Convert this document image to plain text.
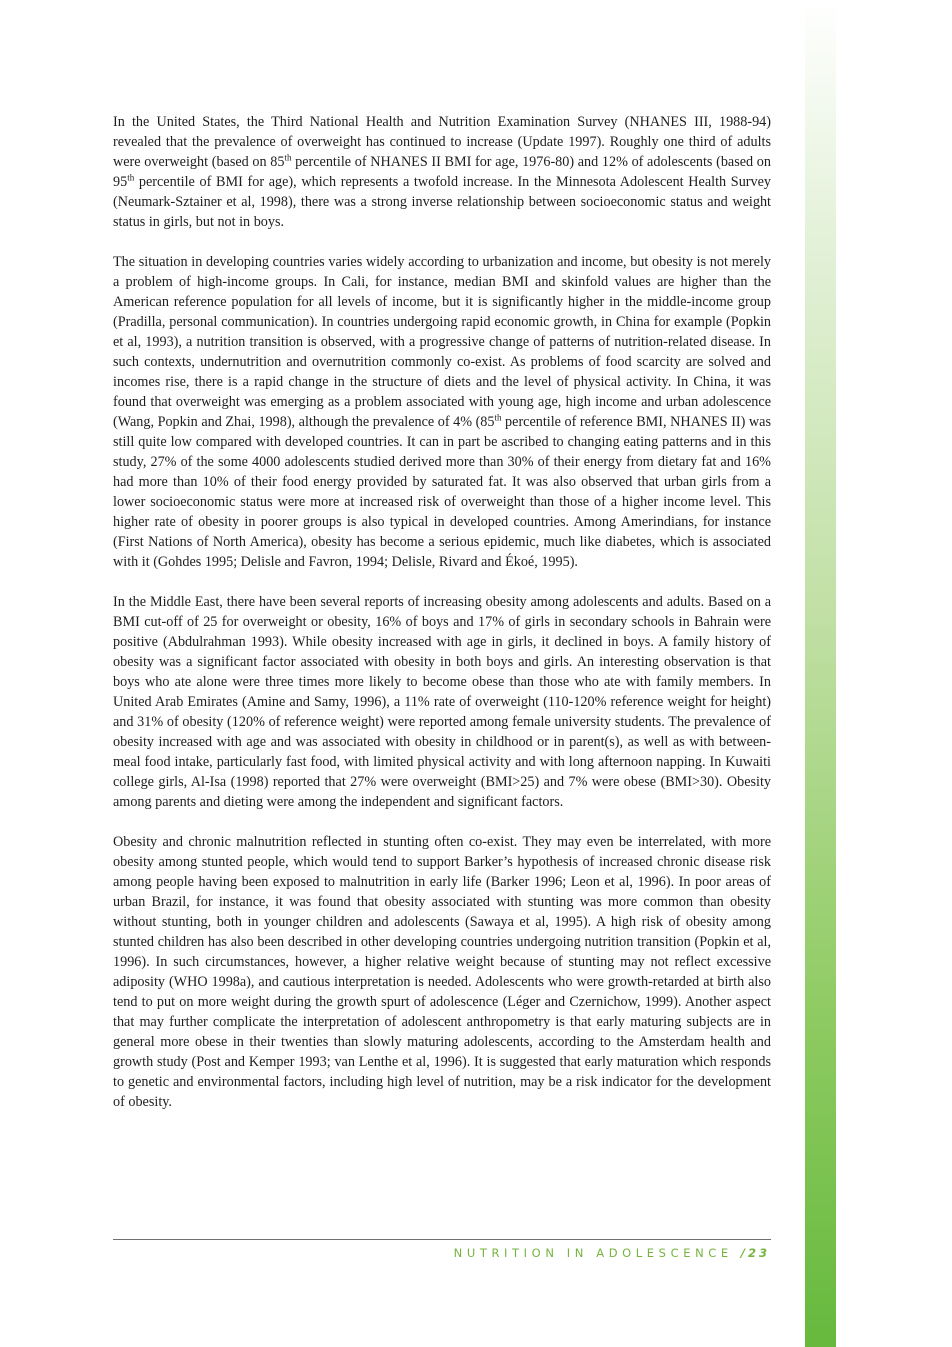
In the United States, the Third National Health and Nutrition Examination Survey (NHANES III, 1988-94) revealed that the prevalence of overweight has continued to increase (Update 1997). Roughly one third of adults were overweight (based on 85th percentile of NHANES II BMI for age, 1976-80) and 12% of adolescents (based on 95th percentile of BMI for age), which represents a twofold increase. In the Minnesota Adolescent Health Survey (Neumark-Sztainer et al, 1998), there was a strong inverse relationship between socioeconomic status and weight status in girls, but not in boys.

The situation in developing countries varies widely according to urbanization and income, but obesity is not merely a problem of high-income groups. In Cali, for instance, median BMI and skinfold values are higher than the American reference population for all levels of income, but it is significantly higher in the middle-income group (Pradilla, personal communication). In countries undergoing rapid economic growth, in China for example (Popkin et al, 1993), a nutrition transition is observed, with a progressive change of patterns of nutrition-related disease. In such contexts, undernutrition and overnutrition commonly co-exist. As problems of food scarcity are solved and incomes rise, there is a rapid change in the structure of diets and the level of physical activity. In China, it was found that overweight was emerging as a problem associated with young age, high income and urban adolescence (Wang, Popkin and Zhai, 1998), although the prevalence of 4% (85th percentile of reference BMI, NHANES II) was still quite low compared with developed countries. It can in part be ascribed to changing eating patterns and in this study, 27% of the some 4000 adolescents studied derived more than 30% of their energy from dietary fat and 16% had more than 10% of their food energy provided by saturated fat. It was also observed that urban girls from a lower socioeconomic status were more at increased risk of overweight than those of a higher income level. This higher rate of obesity in poorer groups is also typical in developed countries. Among Amerindians, for instance (First Nations of North America), obesity has become a serious epidemic, much like diabetes, which is associated with it (Gohdes 1995; Delisle and Favron, 1994; Delisle, Rivard and Ékoé, 1995).

In the Middle East, there have been several reports of increasing obesity among adolescents and adults. Based on a BMI cut-off of 25 for overweight or obesity, 16% of boys and 17% of girls in secondary schools in Bahrain were positive (Abdulrahman 1993). While obesity increased with age in girls, it declined in boys. A family history of obesity was a significant factor associated with obesity in both boys and girls. An interesting observation is that boys who ate alone were three times more likely to become obese than those who ate with family members. In United Arab Emirates (Amine and Samy, 1996), a 11% rate of overweight (110-120% reference weight for height) and 31% of obesity (120% of reference weight) were reported among female university students. The prevalence of obesity increased with age and was associated with obesity in childhood or in parent(s), as well as with between-meal food intake, particularly fast food, with limited physical activity and with long afternoon napping. In Kuwaiti college girls, Al-Isa (1998) reported that 27% were overweight (BMI>25) and 7% were obese (BMI>30). Obesity among parents and dieting were among the independent and significant factors.

Obesity and chronic malnutrition reflected in stunting often co-exist. They may even be interrelated, with more obesity among stunted people, which would tend to support Barker’s hypothesis of increased chronic disease risk among people having been exposed to malnutrition in early life (Barker 1996; Leon et al, 1996). In poor areas of urban Brazil, for instance, it was found that obesity associated with stunting was more common than obesity without stunting, both in younger children and adolescents (Sawaya et al, 1995). A high risk of obesity among stunted children has also been described in other developing countries undergoing nutrition transition (Popkin et al, 1996). In such circumstances, however, a higher relative weight because of stunting may not reflect excessive adiposity (WHO 1998a), and cautious interpretation is needed. Adolescents who were growth-retarded at birth also tend to put on more weight during the growth spurt of adolescence (Léger and Czernichow, 1999). Another aspect that may further complicate the interpretation of adolescent anthropometry is that early maturing subjects are in general more obese in their twenties than slowly maturing adolescents, according to the Amsterdam health and growth study (Post and Kemper 1993; van Lenthe et al, 1996). It is suggested that early maturation which responds to genetic and environmental factors, including high level of nutrition, may be a risk indicator for the development of obesity.

NUTRITION IN ADOLESCENCE /23
